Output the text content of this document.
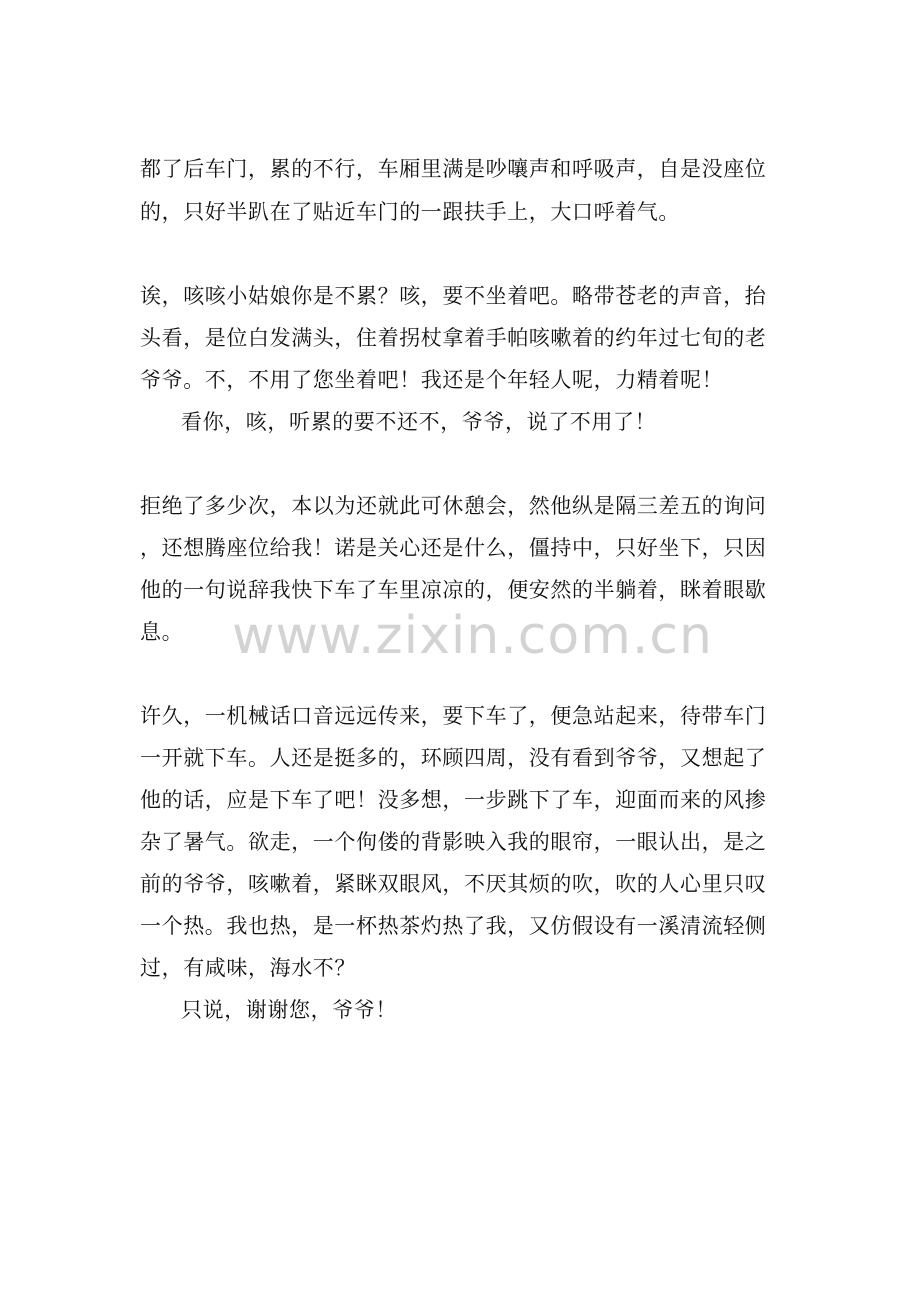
都了后车门，累的不行，车厢里满是吵嚷声和呼吸声，自是没座位
的，只好半趴在了贴近车门的一跟扶手上，大口呼着气。
诶，咳咳小姑娘你是不累？咳，要不坐着吧。略带苍老的声音，抬
头看，是位白发满头，住着拐杖拿着手帕咳嗽着的约年过七旬的老
爷爷。不，不用了您坐着吧！我还是个年轻人呢，力精着呢！
看你，咳，听累的要不还不，爷爷，说了不用了！
拒绝了多少次，本以为还就此可休憩会，然他纵是隔三差五的询问
，还想腾座位给我！诺是关心还是什么，僵持中，只好坐下，只因
他的一句说辞我快下车了车里凉凉的，便安然的半躺着，眯着眼歇
息。
许久，一机械话口音远远传来，要下车了，便急站起来，待带车门
一开就下车。人还是挺多的，环顾四周，没有看到爷爷，又想起了
他的话，应是下车了吧！没多想，一步跳下了车，迎面而来的风掺
杂了暑气。欲走，一个佝偻的背影映入我的眼帘，一眼认出，是之
前的爷爷，咳嗽着，紧眯双眼风，不厌其烦的吹，吹的人心里只叹
一个热。我也热，是一杯热茶灼热了我，又仿假设有一溪清流轻侧
过，有咸味，海水不？
只说，谢谢您，爷爷！
www.zixin.com.cn
